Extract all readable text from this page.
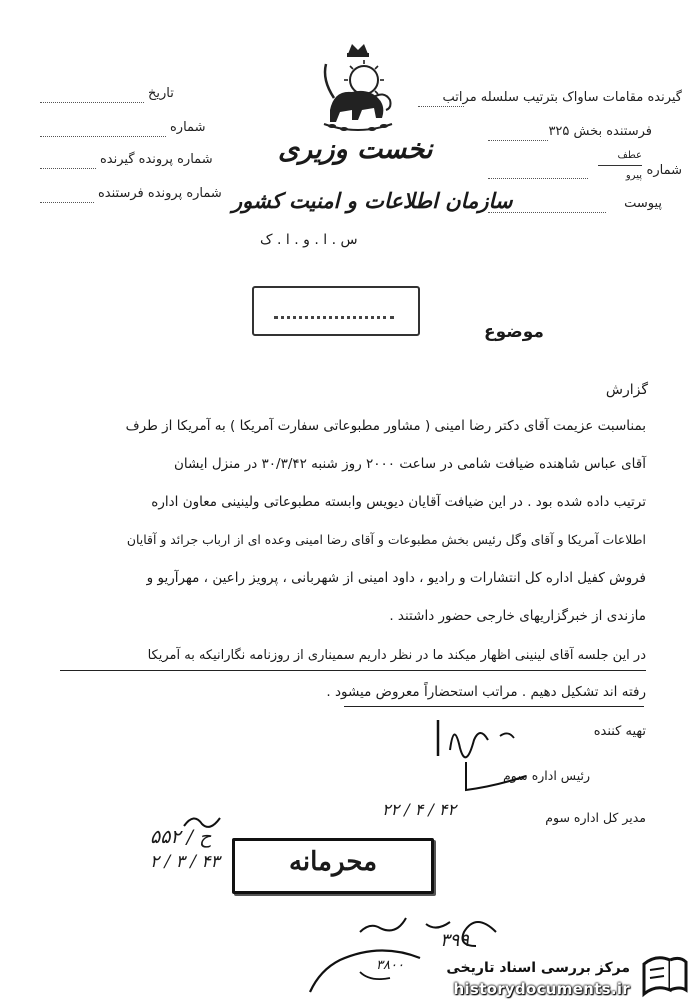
گیرنده مقامات ساواک بترتیب سلسله مراتب
فرستنده بخش ۳۲۵
شماره
عطف
پیرو
پیوست
تاریخ
شماره
شماره پرونده گیرنده
شماره پرونده فرستنده
نخست وزیری
سازمان اطلاعات و امنیت کشور
س . ا . و . ا . ک
موضوع
گزارش
بمناسبت عزیمت آقای دکتر رضا امینی ( مشاور مطبوعاتی سفارت آمریکا ) به آمریکا از طرف
آقای عباس شاهنده ضیافت شامی در ساعت ۲۰۰۰ روز شنبه ۳۰/۳/۴۲ در منزل ایشان
ترتیب داده شده بود . در این ضیافت آقایان دیویس وابسته مطبوعاتی ولینینی معاون اداره
اطلاعات آمریکا و آقای وگل رئیس بخش مطبوعات و آقای رضا امینی وعده ای از ارباب جرائد و آقایان
فروش کفیل اداره کل انتشارات و رادیو ، داود امینی از شهربانی ، پرویز راعین ، مهرآریو و
مازندی از خبرگزاریهای خارجی حضور داشتند .
در این جلسه آقای لینینی اظهار میکند ما در نظر داریم سمیناری از روزنامه نگارانیکه به آمریکا
رفته اند تشکیل دهیم . مراتب استحضاراً معروض میشود .
تهیه کننده
رئیس اداره سوم
مدیر کل اداره سوم
۲۲ / ۴ / ۴۲
۵۵۲ / ح
۲ / ۳ / ۴۳	محرمانه
۳۹۹
۳۸۰۰	مرکز بررسی اسناد تاریخی
historydocuments.ir
